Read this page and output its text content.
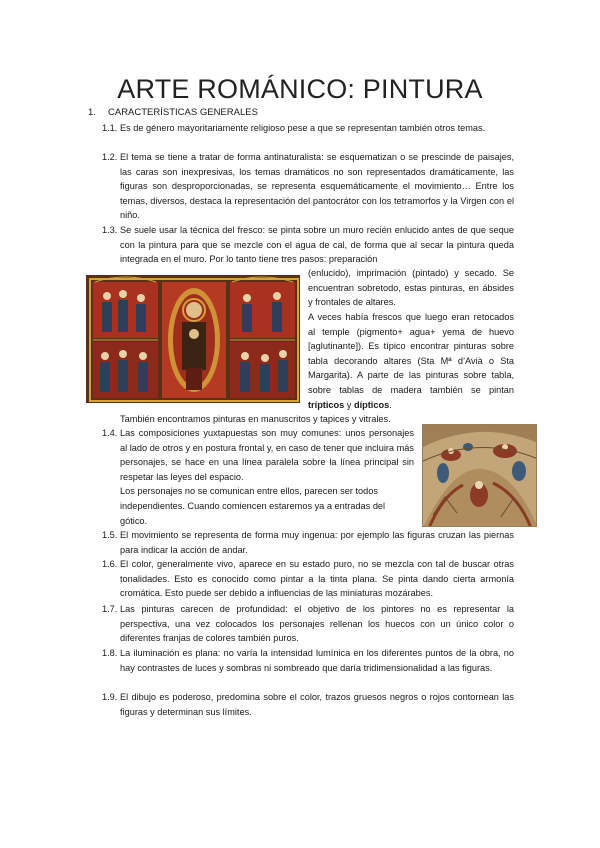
ARTE ROMÁNICO: PINTURA
1. CARACTERÍSTICAS GENERALES
1.1. Es de género mayoritariamente religioso pese a que se representan también otros temas.

1.2. El tema se tiene a tratar de forma antinaturalista: se esquematizan o se prescinde de paisajes, las caras son inexpresivas, los temas dramáticos no son representados dramáticamente, las figuras son desproporcionadas, se representa esquemáticamente el movimiento… Entre los temas, diversos, destaca la representación del pantocrátor con los tetramorfos y la Virgen con el niño.

1.3. Se suele usar la técnica del fresco: se pinta sobre un muro recién enlucido antes de que seque con la pintura para que se mezcle con el agua de cal, de forma que al secar la pintura queda integrada en el muro. Por lo tanto tiene tres pasos: preparación

(enlucido), imprimación (pintado) y secado. Se encuentran sobretodo, estas pinturas, en ábsides y frontales de altares.

A veces había frescos que luego eran retocados al temple (pigmento+ agua+ yema de huevo [aglutinante]). Es típico encontrar pinturas sobre tabla decorando altares (Sta Mª d’Avià o Sta Margarita). A parte de las pinturas sobre tabla, sobre tablas de madera también se pintan trípticos y dípticos.

También encontramos pinturas en manuscritos y tapices y vitrales.
1.4. Las composiciones yuxtapuestas son muy comunes: unos personajes al lado de otros y en postura frontal y, en caso de tener que incluira más personajes, se hace en una línea paralela sobre la línea principal sin respetar las leyes del espacio.

Los personajes no se comunican entre ellos, parecen ser todos independientes. Cuando comiencen estaremos ya a entradas del gótico.

1.5. El movimiento se representa de forma muy ingenua: por ejemplo las figuras cruzan las piernas para indicar la acción de andar.

1.6. El color, generalmente vivo, aparece en su estado puro, no se mezcla con tal de buscar otras tonalidades. Esto es conocido como pintar a la tinta plana. Se pinta dando cierta armonía cromática. Esto puede ser debido a influencias de las miniaturas mozárabes.

1.7. Las pinturas carecen de profundidad: el objetivo de los pintores no es representar la perspectiva, una vez colocados los personajes rellenan los huecos con un único color o diferentes franjas de colores también puros.

1.8. La iluminación es plana: no varía la intensidad lumínica en los diferentes puntos de la obra, no hay contrastes de luces y sombras ni sombreado que daría tridimensionalidad a las figuras.

1.9. El dibujo es poderoso, predomina sobre el color, trazos gruesos negros o rojos contornean las figuras y determinan sus límites.
